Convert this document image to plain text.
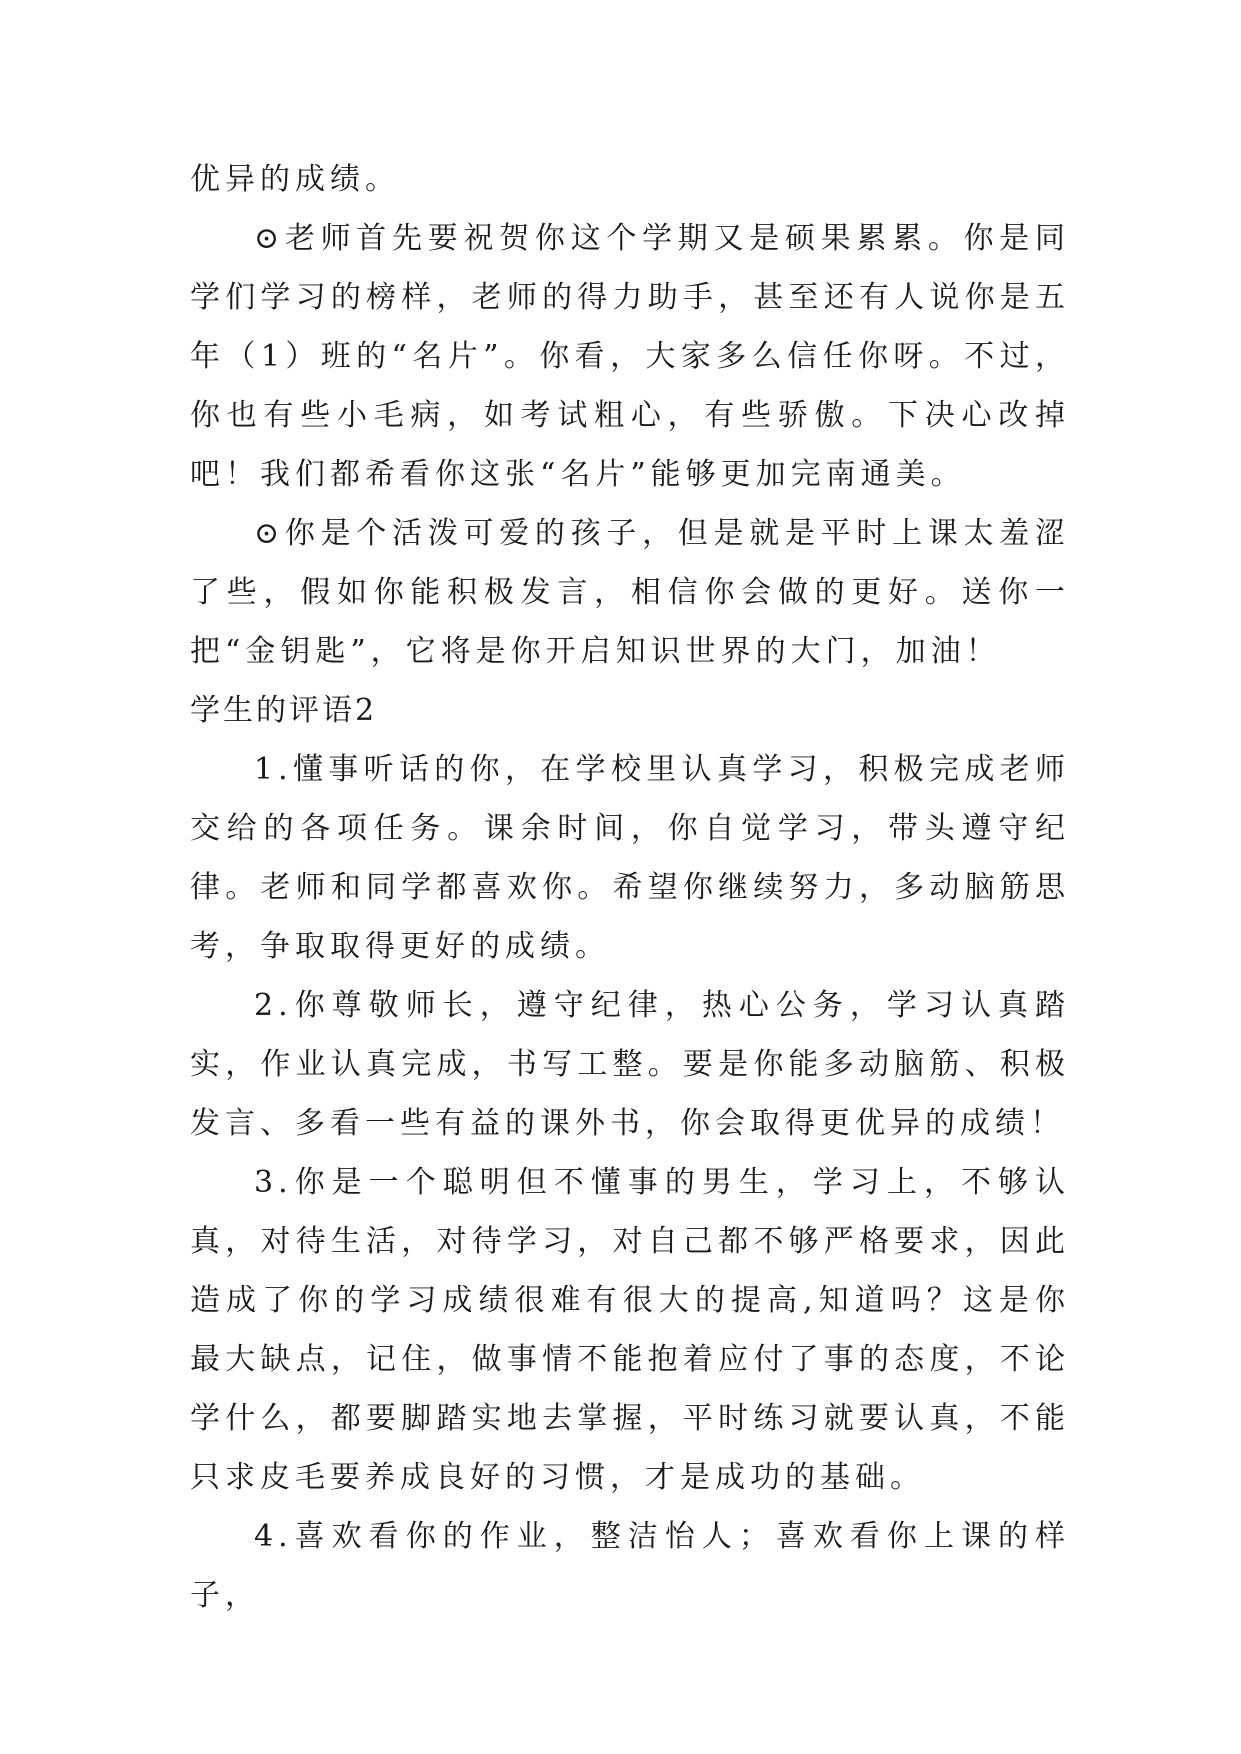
优异的成绩。

⊙老师首先要祝贺你这个学期又是硕果累累。你是同学们学习的榜样，老师的得力助手，甚至还有人说你是五年（1）班的“名片”。你看，大家多么信任你呀。不过，你也有些小毛病，如考试粗心，有些骄傲。下决心改掉吧！我们都希看你这张“名片”能够更加完南通美。

⊙你是个活泼可爱的孩子，但是就是平时上课太羞涩了些，假如你能积极发言，相信你会做的更好。送你一把“金钥匙”，它将是你开启知识世界的大门，加油！

学生的评语2

1.懂事听话的你，在学校里认真学习，积极完成老师交给的各项任务。课余时间，你自觉学习，带头遵守纪律。老师和同学都喜欢你。希望你继续努力，多动脑筋思考，争取取得更好的成绩。

2.你尊敬师长，遵守纪律，热心公务，学习认真踏实，作业认真完成，书写工整。要是你能多动脑筋、积极发言、多看一些有益的课外书，你会取得更优异的成绩！

3.你是一个聪明但不懂事的男生，学习上，不够认真，对待生活，对待学习，对自己都不够严格要求，因此造成了你的学习成绩很难有很大的提高,知道吗？这是你最大缺点，记住，做事情不能抱着应付了事的态度，不论学什么，都要脚踏实地去掌握，平时练习就要认真，不能只求皮毛要养成良好的习惯，才是成功的基础。

4.喜欢看你的作业，整洁怡人；喜欢看你上课的样子，
